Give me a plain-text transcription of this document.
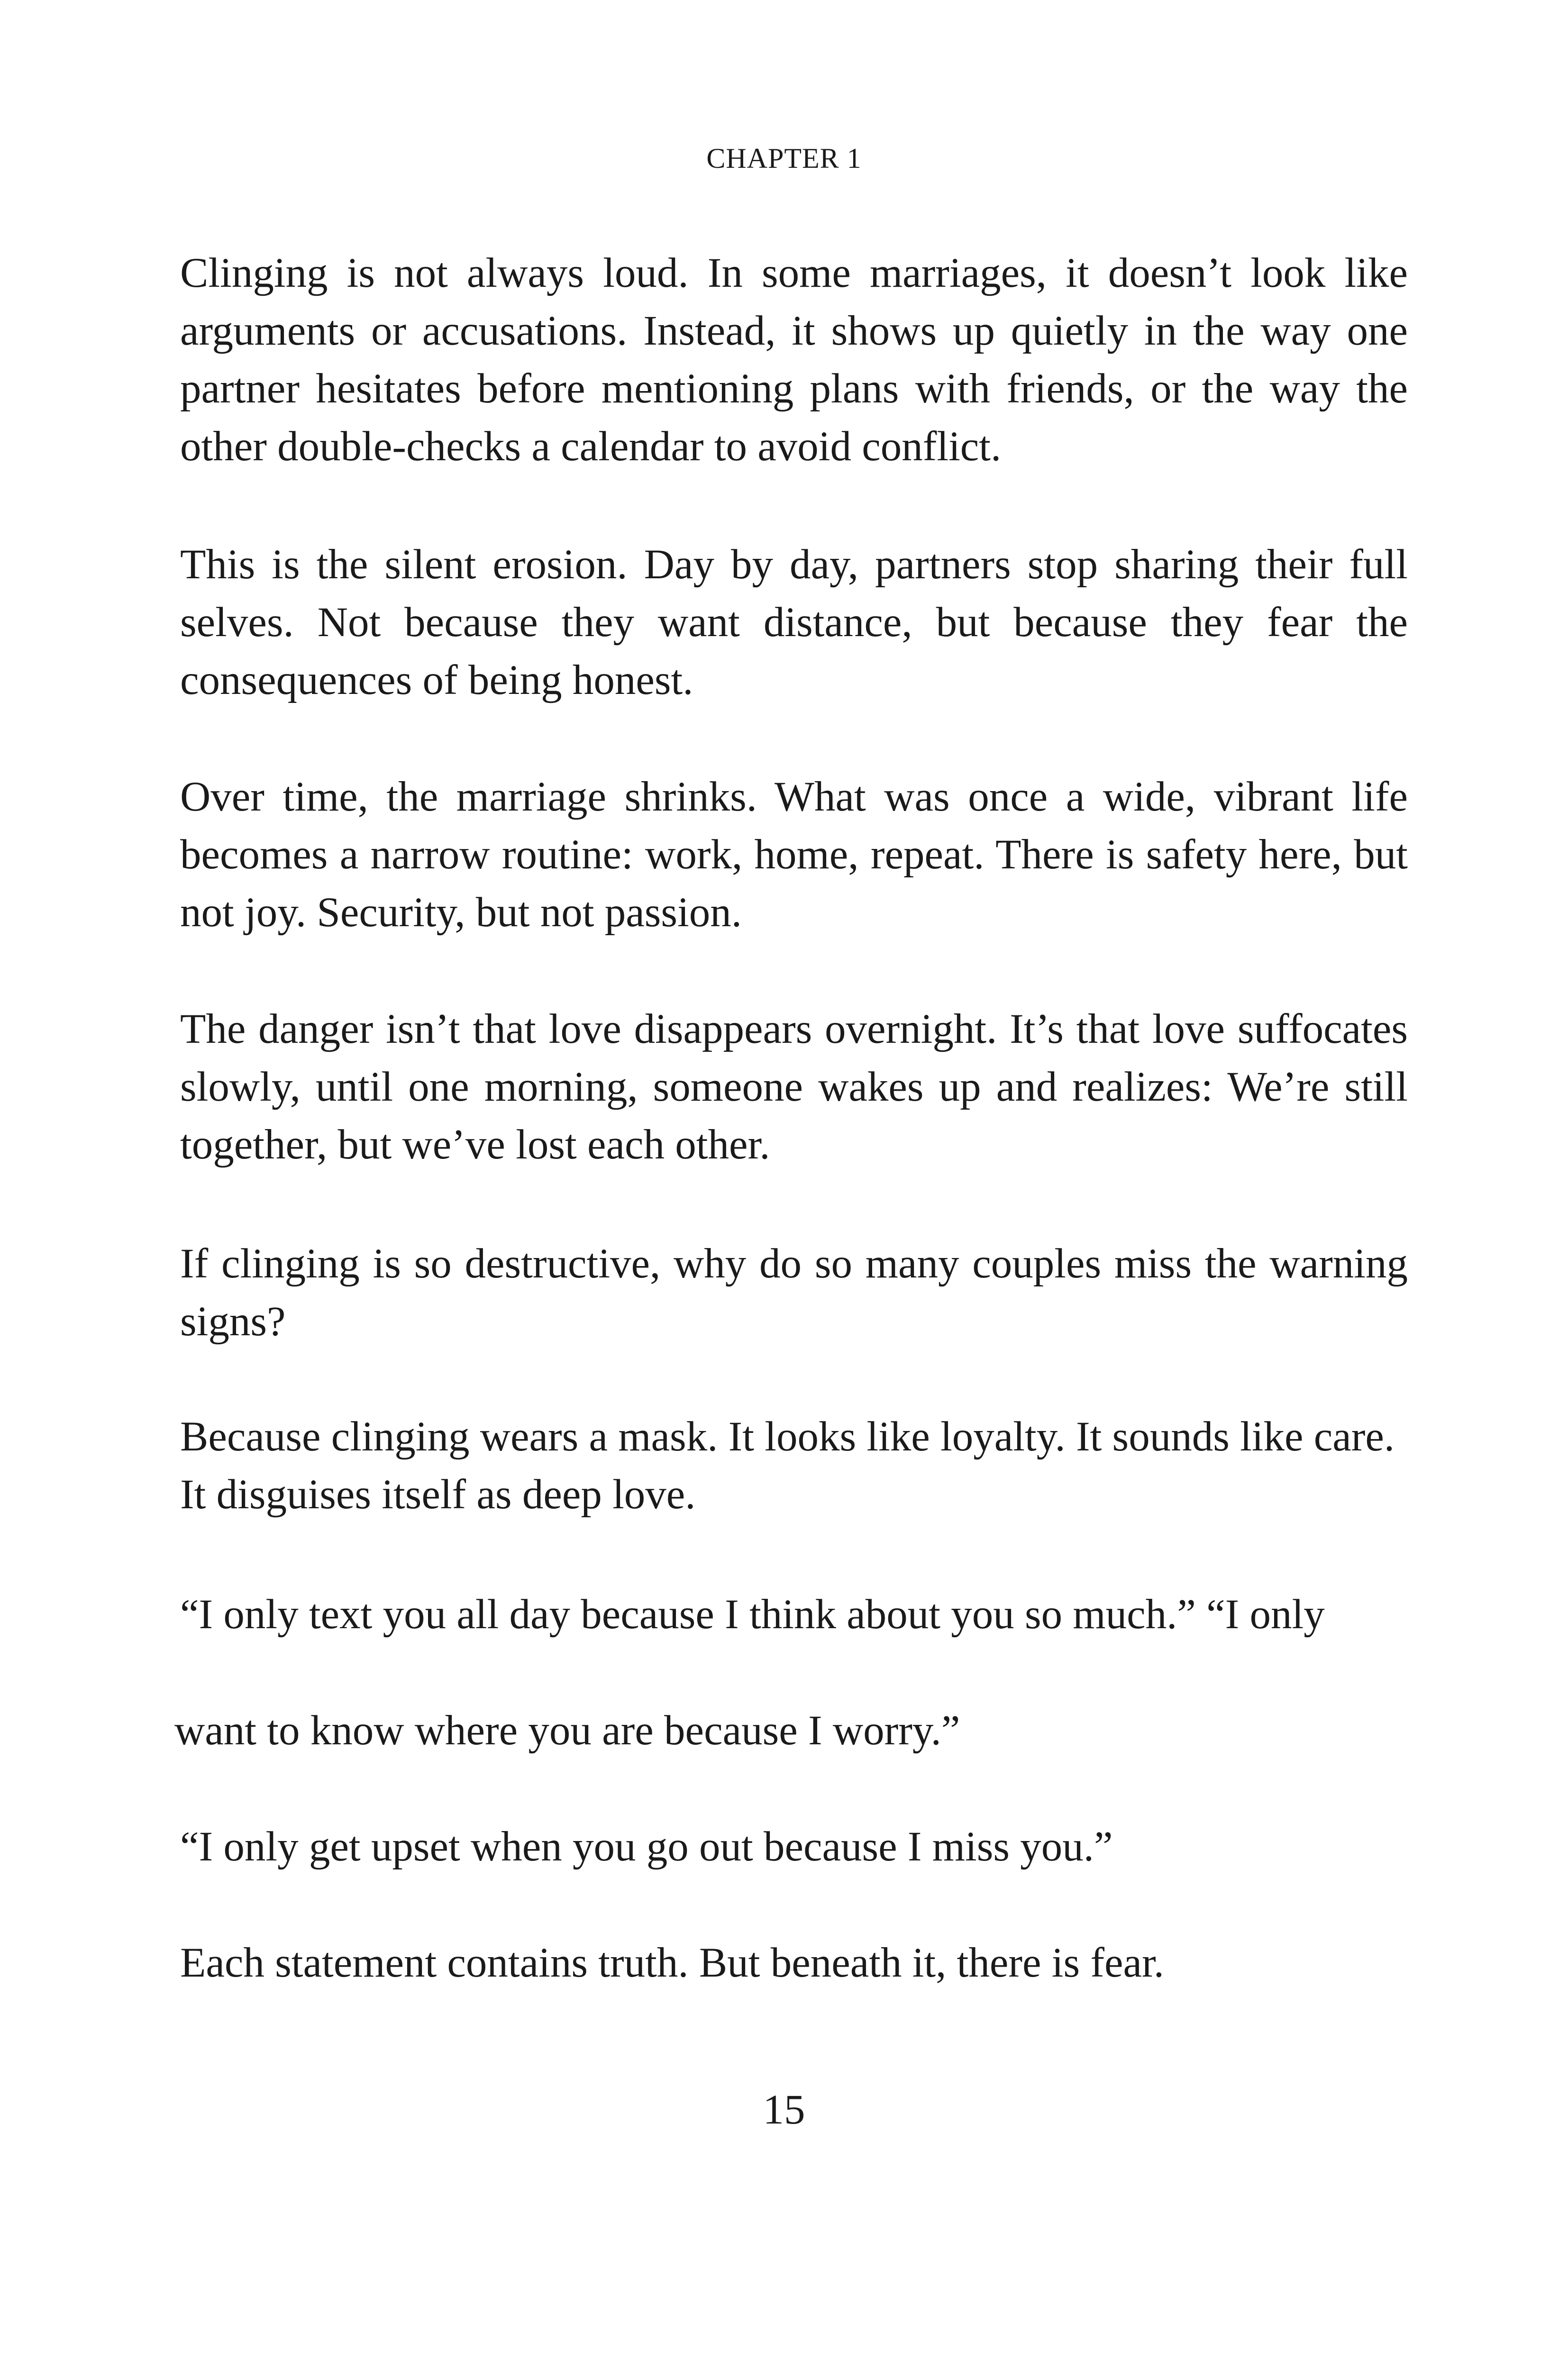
CHAPTER 1

Clinging is not always loud. In some marriages, it doesn’t look like arguments or accusations. Instead, it shows up quietly in the way one partner hesitates before mentioning plans with friends, or the way the other double-checks a calendar to avoid conflict.

This is the silent erosion. Day by day, partners stop sharing their full selves. Not because they want distance, but because they fear the consequences of being honest.

Over time, the marriage shrinks. What was once a wide, vibrant life becomes a narrow routine: work, home, repeat. There is safety here, but not joy. Security, but not passion.

The danger isn’t that love disappears overnight. It’s that love suffocates slowly, until one morning, someone wakes up and realizes: We’re still together, but we’ve lost each other.

If clinging is so destructive, why do so many couples miss the warning signs?

Because clinging wears a mask. It looks like loyalty. It sounds like care.

It disguises itself as deep love.

“I only text you all day because I think about you so much.” “I only

want to know where you are because I worry.”

“I only get upset when you go out because I miss you.”

Each statement contains truth. But beneath it, there is fear.

15
